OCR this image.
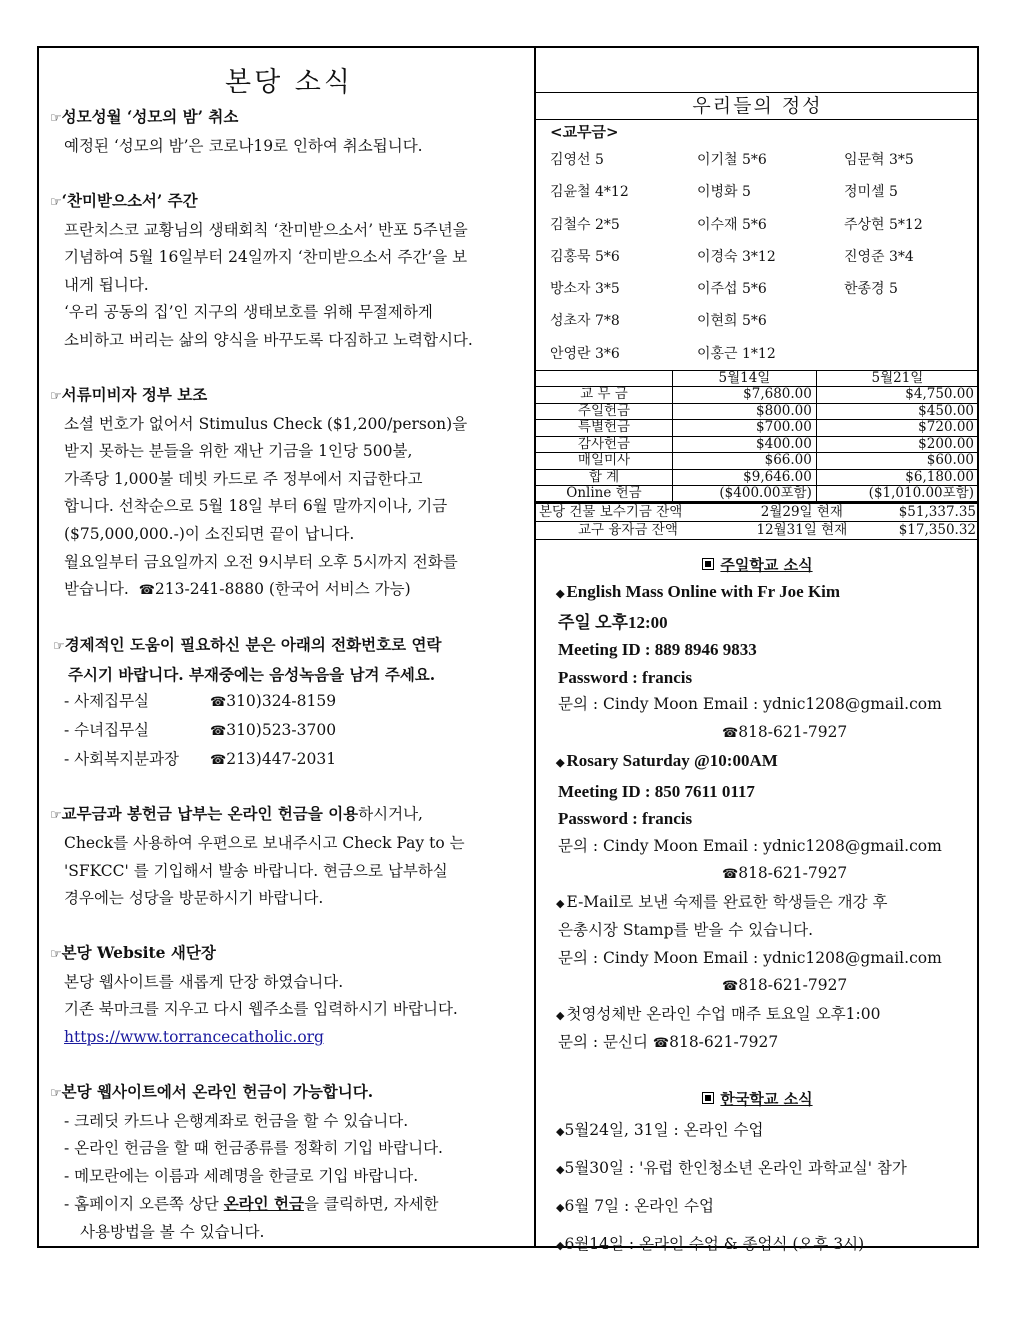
본당 소식
☞성모성월 ‘성모의 밤’ 취소
예정된 ‘성모의 밤’은 코로나19로 인하여 취소됩니다.
☞‘찬미받으소서’ 주간
프란치스코 교황님의 생태회칙 ‘찬미받으소서’ 반포 5주년을
기념하여 5월 16일부터 24일까지 ‘찬미받으소서 주간’을 보
내게 됩니다.
‘우리 공동의 집’인 지구의 생태보호를 위해 무절제하게
소비하고 버리는 삶의 양식을 바꾸도록 다짐하고 노력합시다.
☞서류미비자 정부 보조
소셜 번호가 없어서 Stimulus Check ($1,200/person)을
받지 못하는 분들을 위한 재난 기금을 1인당 500불,
가족당 1,000불 데빗 카드로 주 정부에서 지급한다고
합니다. 선착순으로 5월 18일 부터 6월 말까지이나, 기금
($75,000,000.-)이 소진되면 끝이 납니다.
월요일부터 금요일까지 오전 9시부터 오후 5시까지 전화를
받습니다. ☎213-241-8880 (한국어 서비스 가능)
☞경제적인 도움이 필요하신 분은 아래의 전화번호로 연락
주시기 바랍니다. 부재중에는 음성녹음을 남겨 주세요.
- 사제집무실	☎310)324-8159
- 수녀집무실	☎310)523-3700
- 사회복지분과장 ☎213)447-2031
☞교무금과 봉헌금 납부는 온라인 헌금을 이용하시거나,
Check를 사용하여 우편으로 보내주시고 Check Pay to 는
'SFKCC' 를 기입해서 발송 바랍니다. 현금으로 납부하실
경우에는 성당을 방문하시기 바랍니다.
☞본당 Website 새단장
본당 웹사이트를 새롭게 단장 하였습니다.
기존 북마크를 지우고 다시 웹주소를 입력하시기 바랍니다.
https://www.torrancecatholic.org
☞본당 웹사이트에서 온라인 헌금이 가능합니다.
- 크레딧 카드나 은행계좌로 헌금을 할 수 있습니다.
- 온라인 헌금을 할 때 헌금종류를 정확히 기입 바랍니다.
- 메모란에는 이름과 세례명을 한글로 기입 바랍니다.
- 홈페이지 오른쪽 상단 온라인 헌금을 클릭하면, 자세한
사용방법을 볼 수 있습니다.
우리들의 정성
<교무금>
김영선 5	이기철 5*6	임문혁 3*5
김윤철 4*12	이병화 5	정미셀 5
김철수 2*5	이수재 5*6	주상현 5*12
김홍묵 5*6	이경숙 3*12	진영준 3*4
방소자 3*5	이주섭 5*6	한종경 5
성초자 7*8	이현희 5*6
안영란 3*6	이홍근 1*12
	5월14일	5월21일
교 무 금	$7,680.00	$4,750.00
주일헌금	$800.00	$450.00
특별헌금	$700.00	$720.00
감사헌금	$400.00	$200.00
매일미사	$66.00	$60.00
합 계	$9,646.00	$6,180.00
Online 헌금	($400.00포함)	($1,010.00포함)
본당 건물 보수기금 잔액	2월29일 현재	$51,337.35
교구 융자금 잔액	12월31일 현재	$17,350.32
주일학교 소식
◆ English Mass Online with Fr Joe Kim
주일 오후12:00
Meeting ID : 889 8946 9833
Password : francis
문의 : Cindy Moon Email : ydnic1208@gmail.com
☎818-621-7927
◆ Rosary Saturday @10:00AM
Meeting ID : 850 7611 0117
Password : francis
문의 : Cindy Moon Email : ydnic1208@gmail.com
☎818-621-7927
◆ E-Mail로 보낸 숙제를 완료한 학생들은 개강 후
은총시장 Stamp를 받을 수 있습니다.
문의 : Cindy Moon Email : ydnic1208@gmail.com
☎818-621-7927
◆ 첫영성체반 온라인 수업 매주 토요일 오후1:00
문의 : 문신디 ☎818-621-7927
한국학교 소식
◆5월24일, 31일 : 온라인 수업
◆5월30일 : '유럽 한인청소년 온라인 과학교실' 참가
◆6월 7일 : 온라인 수업
◆6월14일 : 온라인 수업 & 종업식 (오후 3시)
